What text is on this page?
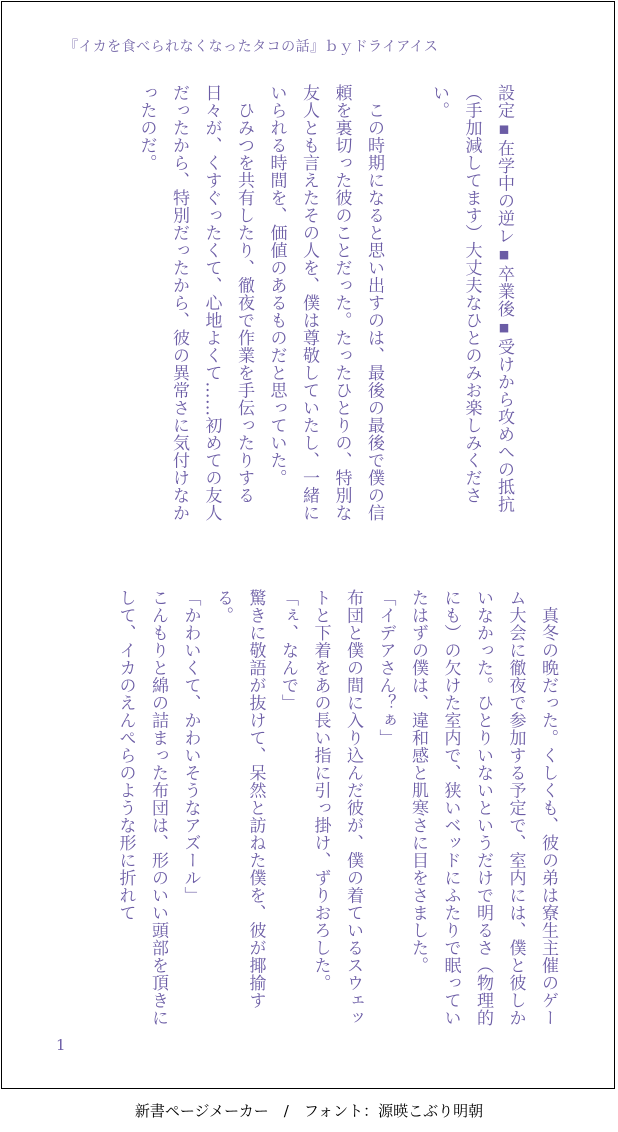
『イカを食べられなくなったタコの話』ｂｙドライアイス

設定▪在学中の逆レ▪卒業後▪受けから攻めへの抵抗（手加減してます）大丈夫なひとのみお楽しみください。

　この時期になると思い出すのは、最後の最後で僕の信頼を裏切った彼のことだった。たったひとりの、特別な友人とも言えたその人を、僕は尊敬していたし、一緒にいられる時間を、価値のあるものだと思っていた。

　ひみつを共有したり、徹夜で作業を手伝ったりする日々が、くすぐったくて、心地よくて……初めての友人だったから、特別だったから、彼の異常さに気付けなかったのだ。

　真冬の晩だった。くしくも、彼の弟は寮生主催のゲーム大会に徹夜で参加する予定で、室内には、僕と彼しかいなかった。ひとりいないというだけで明るさ（物理的にも）の欠けた室内で、狭いベッドにふたりで眠っていたはずの僕は、違和感と肌寒さに目をさました。

「イデアさん？ぁ」

布団と僕の間に入り込んだ彼が、僕の着ているスウェットと下着をあの長い指に引っ掛け、ずりおろした。

「ぇ、なんで」

驚きに敬語が抜けて、呆然と訪ねた僕を、彼が揶揄する。

「かわいくて、かわいそうなアズール」

こんもりと綿の詰まった布団は、形のいい頭部を頂きにして、イカのえんぺらのような形に折れて

1
新書ページメーカー　/　フォント：源暎こぶり明朝
